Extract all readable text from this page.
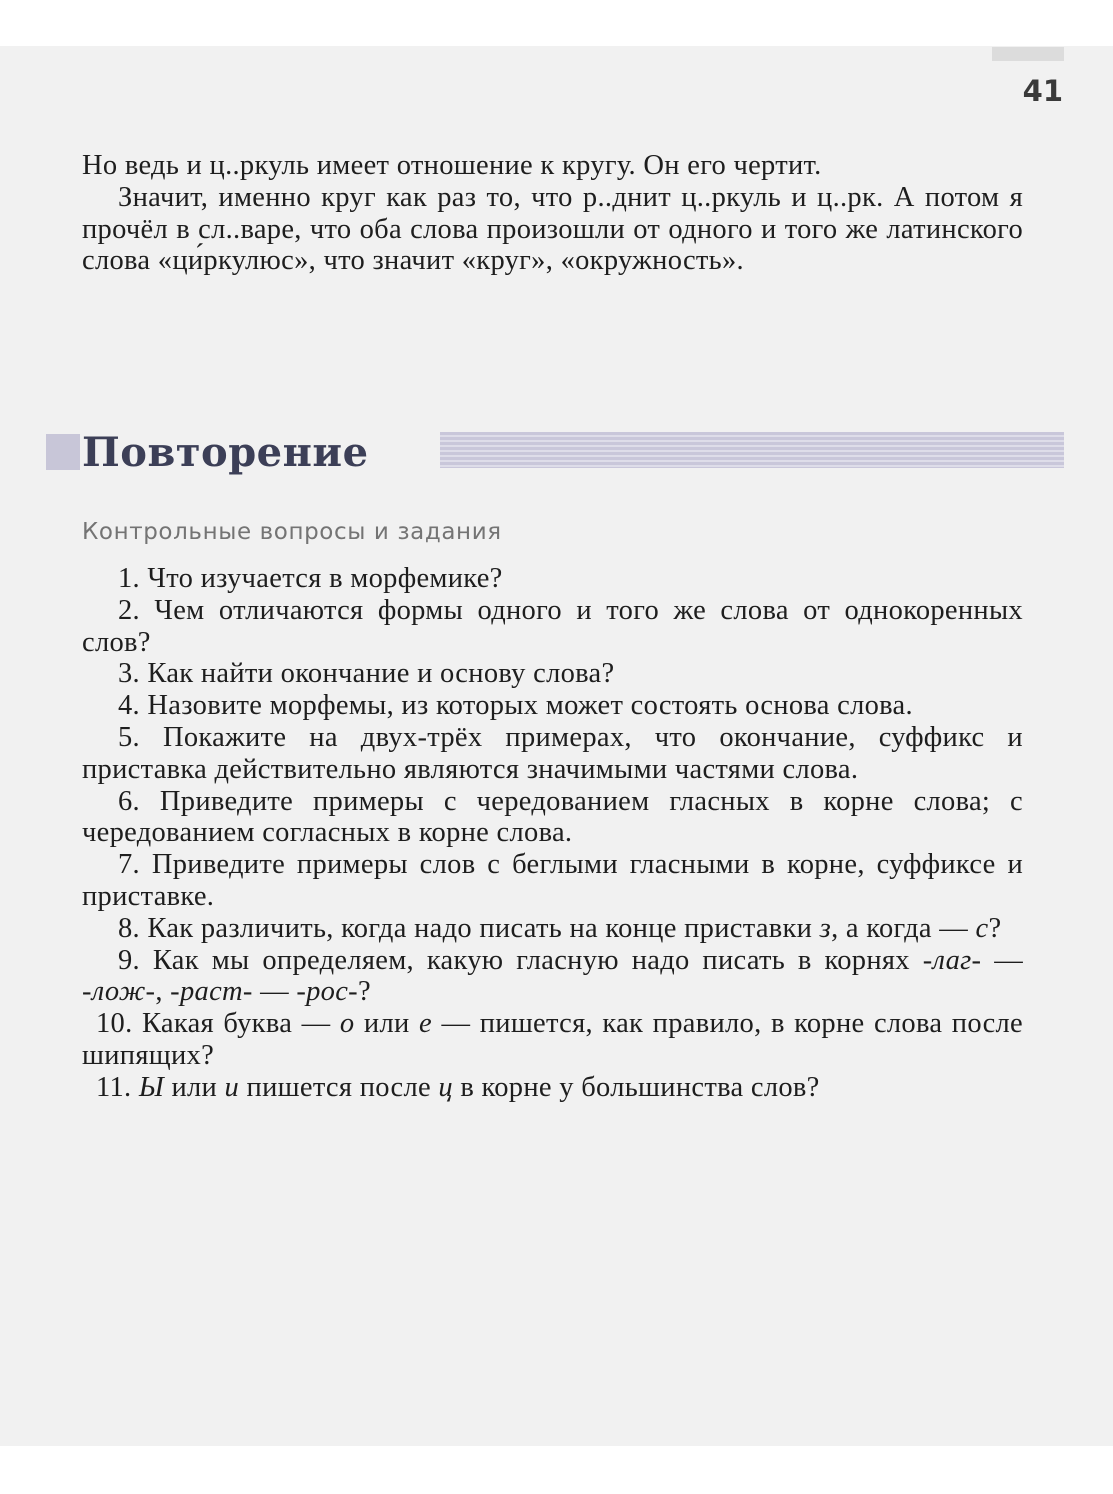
41

Но ведь и ц..ркуль имеет отношение к кругу. Он его чертит.

Значит, именно круг как раз то, что р..днит ц..ркуль и ц..рк. А потом я прочёл в сл..варе, что оба слова произошли от одного и того же латинского слова «ци́ркулюс», что значит «круг», «окружность».

Повторение
Контрольные вопросы и задания

1. Что изучается в морфемике?

2. Чем отличаются формы одного и того же слова от однокоренных слов?

3. Как найти окончание и основу слова?

4. Назовите морфемы, из которых может состоять основа слова.

5. Покажите на двух-трёх примерах, что окончание, суффикс и приставка действительно являются значимыми частями слова.

6. Приведите примеры с чередованием гласных в корне слова; с чередованием согласных в корне слова.

7. Приведите примеры слов с беглыми гласными в корне, суффиксе и приставке.

8. Как различить, когда надо писать на конце приставки з, а когда — с?

9. Как мы определяем, какую гласную надо писать в корнях -лаг- — -лож-, -раст- — -рос-?

10. Какая буква — о или е — пишется, как правило, в корне слова после шипящих?

11. Ы или и пишется после ц в корне у большинства слов?
